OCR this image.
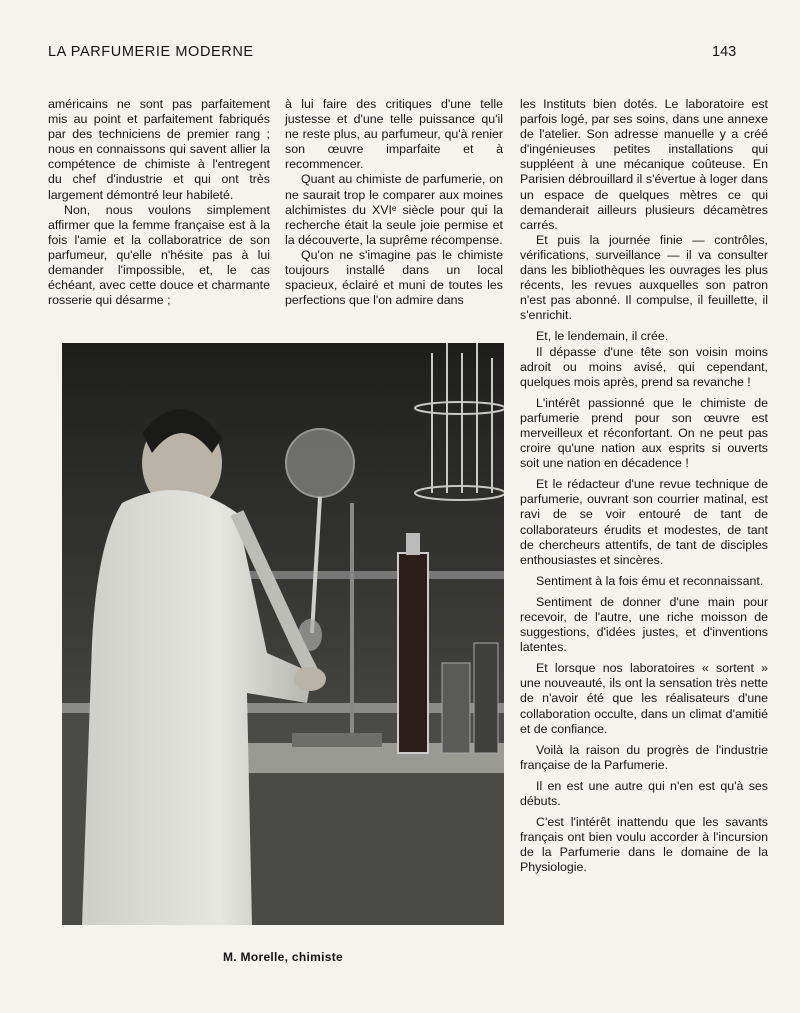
LA PARFUMERIE MODERNE	143

américains ne sont pas parfaitement mis au point et parfaitement fabriqués par des techniciens de premier rang ; nous en connaissons qui savent allier la compétence de chimiste à l'entregent du chef d'industrie et qui ont très largement démontré leur habileté.

Non, nous voulons simplement affirmer que la femme française est à la fois l'amie et la collaboratrice de son parfumeur, qu'elle n'hésite pas à lui demander l'impossible, et, le cas échéant, avec cette douce et charmante rosserie qui désarme ;

à lui faire des critiques d'une telle justesse et d'une telle puissance qu'il ne reste plus, au parfumeur, qu'à renier son œuvre imparfaite et à recommencer.

Quant au chimiste de parfumerie, on ne saurait trop le comparer aux moines alchimistes du XVIᵉ siècle pour qui la recherche était la seule joie permise et la découverte, la suprême récompense.

Qu'on ne s'imagine pas le chimiste toujours installé dans un local spacieux, éclairé et muni de toutes les perfections que l'on admire dans

les Instituts bien dotés. Le laboratoire est parfois logé, par ses soins, dans une annexe de l'atelier. Son adresse manuelle y a créé d'ingénieuses petites installations qui suppléent à une mécanique coûteuse. En Parisien débrouillard il s'évertue à loger dans un espace de quelques mètres ce qui demanderait ailleurs plusieurs décamètres carrés.

Et puis la journée finie — contrôles, vérifications, surveillance — il va consulter dans les bibliothèques les ouvrages les plus récents, les revues auxquelles son patron n'est pas abonné. Il compulse, il feuillette, il s'enrichit.

Et, le lendemain, il crée.

Il dépasse d'une tête son voisin moins adroit ou moins avisé, qui cependant, quelques mois après, prend sa revanche !

L'intérêt passionné que le chimiste de parfumerie prend pour son œuvre est merveilleux et réconfortant. On ne peut pas croire qu'une nation aux esprits si ouverts soit une nation en décadence !

Et le rédacteur d'une revue technique de parfumerie, ouvrant son courrier matinal, est ravi de se voir entouré de tant de collaborateurs érudits et modestes, de tant de chercheurs attentifs, de tant de disciples enthousiastes et sincères.

Sentiment à la fois ému et reconnaissant.

Sentiment de donner d'une main pour recevoir, de l'autre, une riche moisson de suggestions, d'idées justes, et d'inventions latentes.

Et lorsque nos laboratoires « sortent » une nouveauté, ils ont la sensation très nette de n'avoir été que les réalisateurs d'une collaboration occulte, dans un climat d'amitié et de confiance.

Voilà la raison du progrès de l'industrie française de la Parfumerie.

Il en est une autre qui n'en est qu'à ses débuts.

C'est l'intérêt inattendu que les savants français ont bien voulu accorder à l'incursion de la Parfumerie dans le domaine de la Physiologie.

M. Morelle, chimiste
